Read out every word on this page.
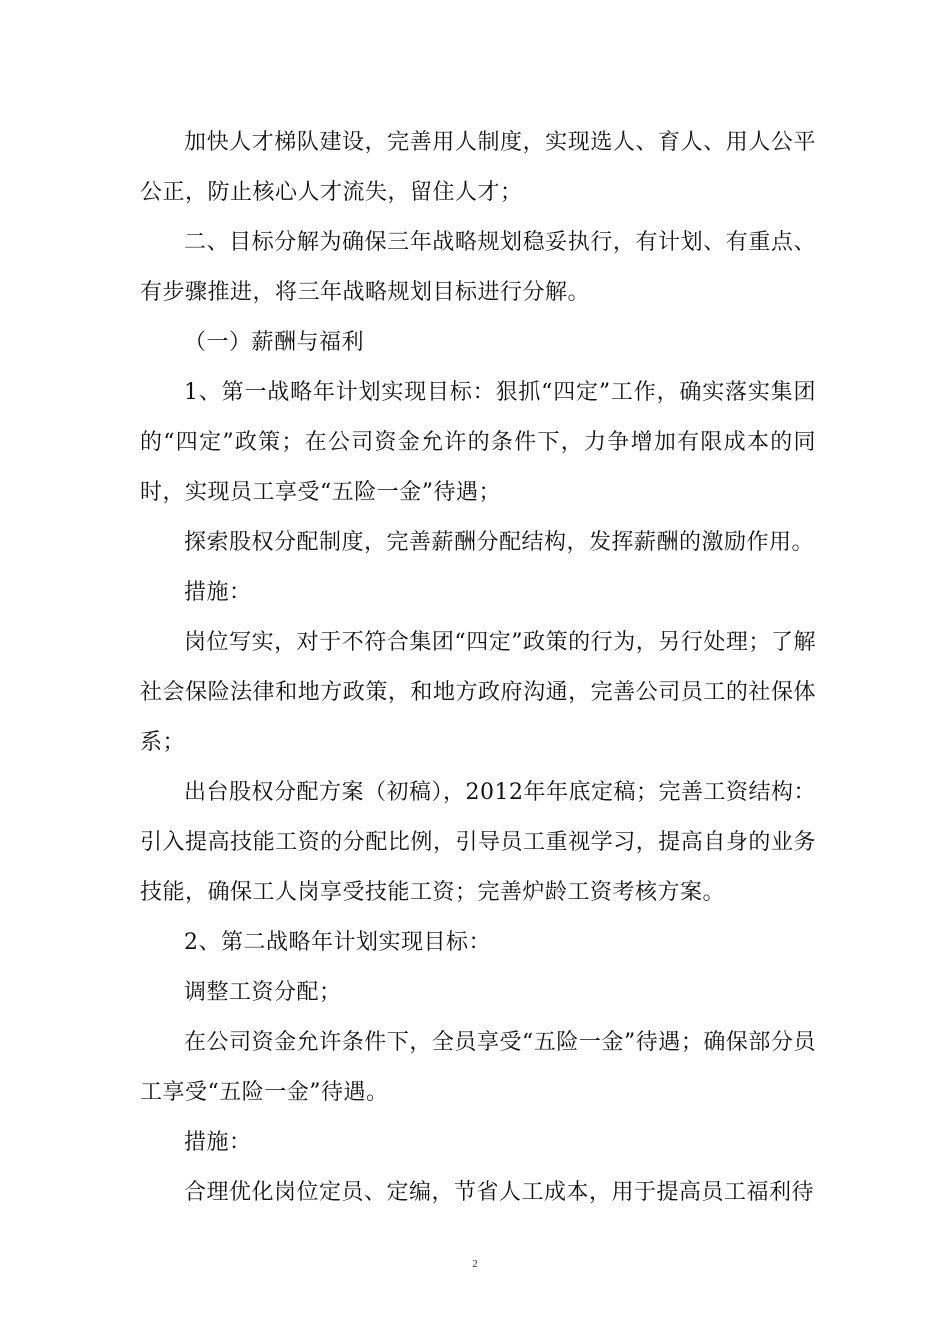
加快人才梯队建设，完善用人制度，实现选人、育人、用人公平公正，防止核心人才流失，留住人才；

二、目标分解为确保三年战略规划稳妥执行，有计划、有重点、有步骤推进，将三年战略规划目标进行分解。

（一）薪酬与福利

1、第一战略年计划实现目标：狠抓“四定”工作，确实落实集团的“四定”政策；在公司资金允许的条件下，力争增加有限成本的同时，实现员工享受“五险一金”待遇；

探索股权分配制度，完善薪酬分配结构，发挥薪酬的激励作用。

措施：

岗位写实，对于不符合集团“四定”政策的行为，另行处理；了解社会保险法律和地方政策，和地方政府沟通，完善公司员工的社保体系；

出台股权分配方案（初稿），2012年年底定稿；完善工资结构：引入提高技能工资的分配比例，引导员工重视学习，提高自身的业务技能，确保工人岗享受技能工资；完善炉龄工资考核方案。

2、第二战略年计划实现目标：

调整工资分配；

在公司资金允许条件下，全员享受“五险一金”待遇；确保部分员工享受“五险一金”待遇。

措施：

合理优化岗位定员、定编，节省人工成本，用于提高员工福利待

2
